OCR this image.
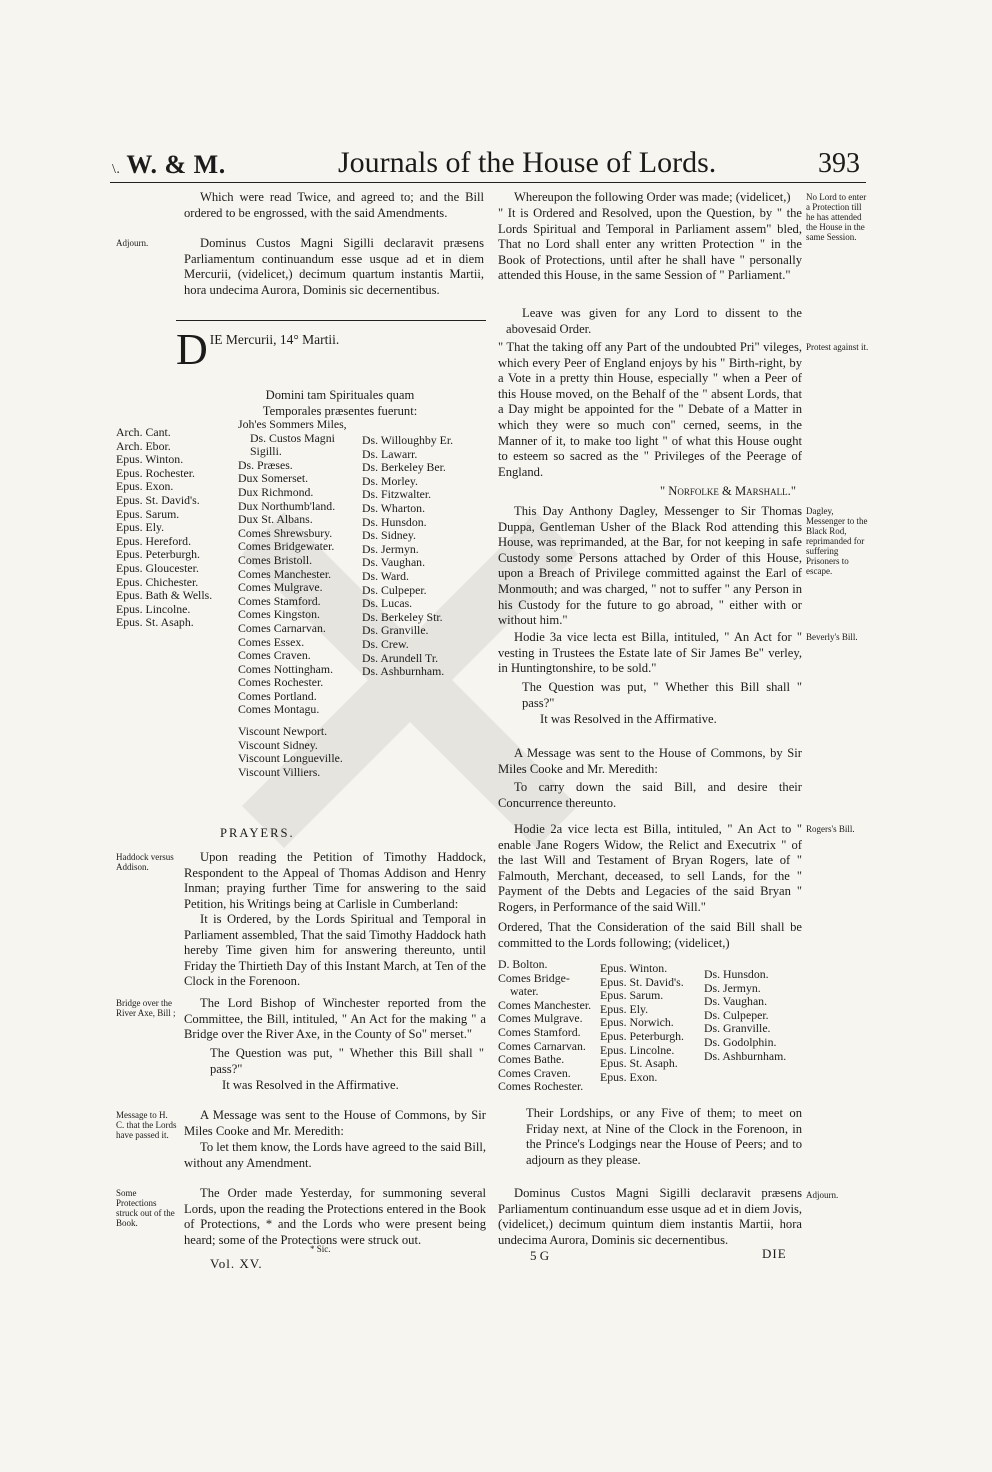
\. W. & M.	Journals of the House of Lords.	393
Which were read Twice, and agreed to; and the Bill ordered to be engrossed, with the said Amendments.
Adjourn.	Dominus Custos Magni Sigilli declaravit præsens Parliamentum continuandum esse usque ad et in diem Mercurii, (videlicet,) decimum quartum instantis Martii, hora undecima Aurora, Dominis sic decernentibus.
D IE Mercurii, 14° Martii.
Domini tam Spirituales quam Temporales præsentes fuerunt:
Arch. Cant.
Arch. Ebor.
Epus. Winton.
Epus. Rochester.
Epus. Exon.
Epus. St. David's.
Epus. Sarum.
Epus. Ely.
Epus. Hereford.
Epus. Peterburgh.
Epus. Gloucester.
Epus. Chichester.
Epus. Bath & Wells.
Epus. Lincolne.
Epus. St. Asaph.
Joh'es Sommers Miles,
Ds. Custos Magni
Sigilli.
Ds. Præses.
Dux Somerset.
Dux Richmond.
Dux Northumb'land.
Dux St. Albans.
Comes Shrewsbury.
Comes Bridgewater.
Comes Bristoll.
Comes Manchester.
Comes Mulgrave.
Comes Stamford.
Comes Kingston.
Comes Carnarvan.
Comes Essex.
Comes Craven.
Comes Nottingham.
Comes Rochester.
Comes Portland.
Comes Montagu.
Viscount Newport.
Viscount Sidney.
Viscount Longueville.
Viscount Villiers.
Ds. Willoughby Er.
Ds. Lawarr.
Ds. Berkeley Ber.
Ds. Morley.
Ds. Fitzwalter.
Ds. Wharton.
Ds. Hunsdon.
Ds. Sidney.
Ds. Jermyn.
Ds. Vaughan.
Ds. Ward.
Ds. Culpeper.
Ds. Lucas.
Ds. Berkeley Str.
Ds. Granville.
Ds. Crew.
Ds. Arundell Tr.
Ds. Ashburnham.
PRAYERS.
Haddock versus Addison.
Upon reading the Petition of Timothy Haddock, Respondent to the Appeal of Thomas Addison and Henry Inman; praying further Time for answering to the said Petition, his Writings being at Carlisle in Cumberland:
It is Ordered, by the Lords Spiritual and Temporal in Parliament assembled, That the said Timothy Haddock hath hereby Time given him for answering thereunto, until Friday the Thirtieth Day of this Instant March, at Ten of the Clock in the Forenoon.
Bridge over the River Axe, Bill ;
The Lord Bishop of Winchester reported from the Committee, the Bill, intituled, " An Act for the making " a Bridge over the River Axe, in the County of So" merset."
The Question was put, " Whether this Bill shall " pass?"
It was Resolved in the Affirmative.
Message to H. C. that the Lords have passed it.
A Message was sent to the House of Commons, by Sir Miles Cooke and Mr. Meredith:
To let them know, the Lords have agreed to the said Bill, without any Amendment.
Some Protections struck out of the Book.
The Order made Yesterday, for summoning several Lords, upon the reading the Protections entered in the Book of Protections, * and the Lords who were present being heard; some of the Protections were struck out.
* Sic.
Vol. XV.
Whereupon the following Order was made; (videlicet,)
" It is Ordered and Resolved, upon the Question, by " the Lords Spiritual and Temporal in Parliament assem" bled, That no Lord shall enter any written Protection " in the Book of Protections, until after he shall have " personally attended this House, in the same Session of " Parliament."
No Lord to enter a Protection till he has attended the House in the same Session.
Leave was given for any Lord to dissent to the abovesaid Order.
" That the taking off any Part of the undoubted Pri" vileges, which every Peer of England enjoys by his " Birth-right, by a Vote in a pretty thin House, especially " when a Peer of this House moved, on the Behalf of the " absent Lords, that a Day might be appointed for the " Debate of a Matter in which they were so much con" cerned, seems, in the Manner of it, to make too light " of what this House ought to esteem so sacred as the " Privileges of the Peerage of England.
Protest against it.
" Norfolke & Marshall."
This Day Anthony Dagley, Messenger to Sir Thomas Duppa, Gentleman Usher of the Black Rod attending this House, was reprimanded, at the Bar, for not keeping in safe Custody some Persons attached by Order of this House, upon a Breach of Privilege committed against the Earl of Monmouth; and was charged, " not to suffer " any Person in his Custody for the future to go abroad, " either with or without him."
Dagley, Messenger to the Black Rod, reprimanded for suffering Prisoners to escape.
Hodie 3a vice lecta est Billa, intituled, " An Act for " vesting in Trustees the Estate late of Sir James Be" verley, in Huntingtonshire, to be sold."
Beverly's Bill.
The Question was put, " Whether this Bill shall " pass?"
It was Resolved in the Affirmative.
A Message was sent to the House of Commons, by Sir Miles Cooke and Mr. Meredith:
To carry down the said Bill, and desire their Concurrence thereunto.
Hodie 2a vice lecta est Billa, intituled, " An Act to " enable Jane Rogers Widow, the Relict and Executrix " of the last Will and Testament of Bryan Rogers, late of " Falmouth, Merchant, deceased, to sell Lands, for the " Payment of the Debts and Legacies of the said Bryan " Rogers, in Performance of the said Will."
Rogers's Bill.
Ordered, That the Consideration of the said Bill shall be committed to the Lords following; (videlicet,)
D. Bolton.
Comes Bridge-
water.
Comes Manchester.
Comes Mulgrave.
Comes Stamford.
Comes Carnarvan.
Comes Bathe.
Comes Craven.
Comes Rochester.
Epus. Winton.
Epus. St. David's.
Epus. Sarum.
Epus. Ely.
Epus. Norwich.
Epus. Peterburgh.
Epus. Lincolne.
Epus. St. Asaph.
Epus. Exon.
Ds. Hunsdon.
Ds. Jermyn.
Ds. Vaughan.
Ds. Culpeper.
Ds. Granville.
Ds. Godolphin.
Ds. Ashburnham.
Their Lordships, or any Five of them; to meet on Friday next, at Nine of the Clock in the Forenoon, in the Prince's Lodgings near the House of Peers; and to adjourn as they please.
Dominus Custos Magni Sigilli declaravit præsens Parliamentum continuandum esse usque ad et in diem Jovis, (videlicet,) decimum quintum diem instantis Martii, hora undecima Aurora, Dominis sic decernentibus.
Adjourn.
5 G	DIE
